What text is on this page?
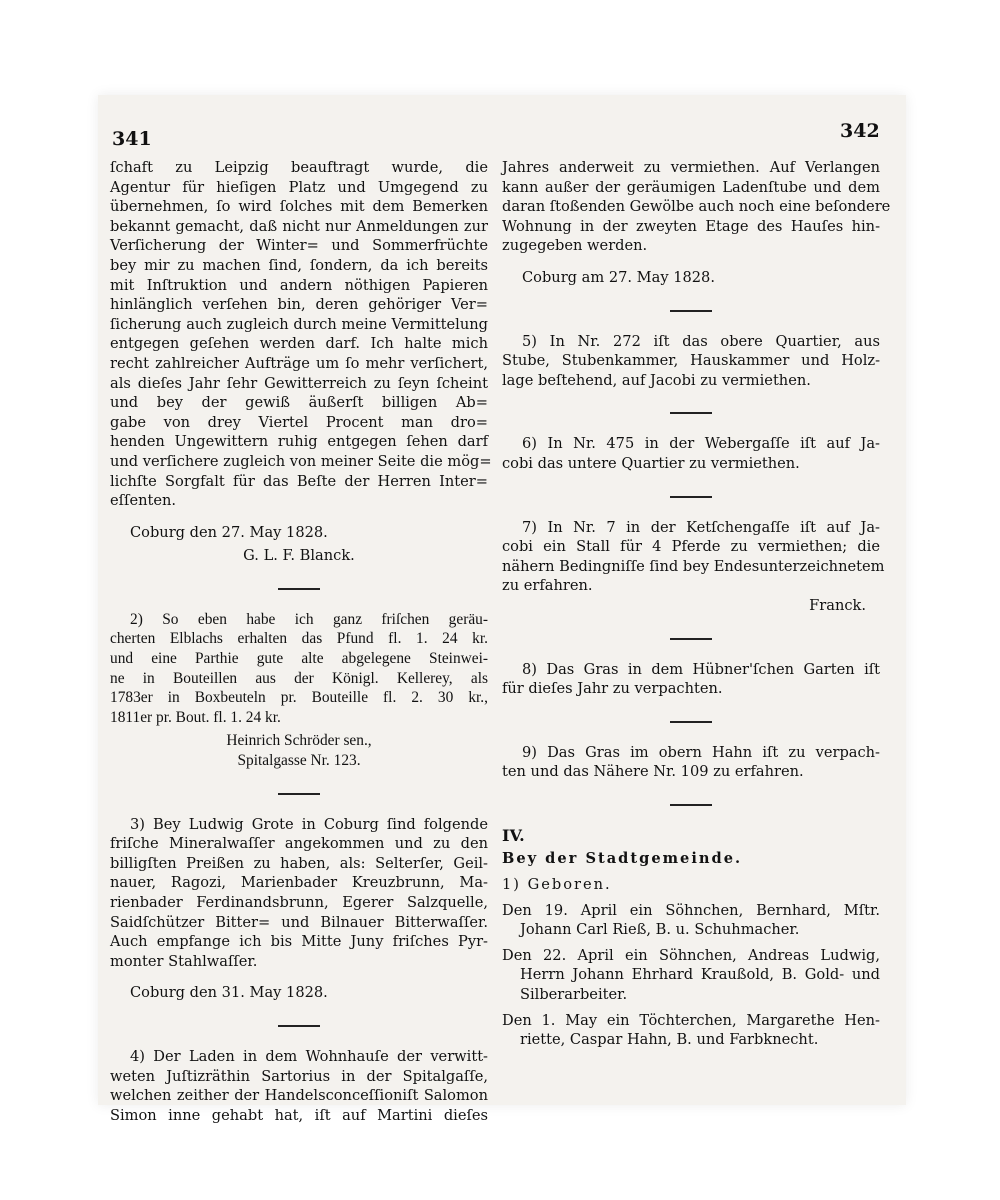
341	342

ſchaft zu Leipzig beauftragt wurde, die
Agentur für hieſigen Platz und Umgegend zu
übernehmen, ſo wird ſolches mit dem Bemerken
bekannt gemacht, daß nicht nur Anmeldungen zur
Verſicherung der Winter= und Sommerfrüchte
bey mir zu machen ſind, ſondern, da ich bereits
mit Inſtruktion und andern nöthigen Papieren
hinlänglich verſehen bin, deren gehöriger Ver=
ſicherung auch zugleich durch meine Vermittelung
entgegen geſehen werden darf. Ich halte mich
recht zahlreicher Aufträge um ſo mehr verſichert,
als dieſes Jahr ſehr Gewitterreich zu ſeyn ſcheint
und bey der gewiß äußerſt billigen Ab=
gabe von drey Viertel Procent man dro=
henden Ungewittern ruhig entgegen ſehen darf
und verſichere zugleich von meiner Seite die mög=
lichſte Sorgfalt für das Beſte der Herren Inter=
eſſenten.

Coburg den 27. May 1828.

G. L. F. Blanck.

2) So eben habe ich ganz friſchen geräu-
cherten Elblachs erhalten das Pfund fl. 1. 24 kr.
und eine Parthie gute alte abgelegene Steinwei-
ne in Bouteillen aus der Königl. Kellerey, als
1783er in Boxbeuteln pr. Bouteille fl. 2. 30 kr.,
1811er pr. Bout. fl. 1. 24 kr.

Heinrich Schröder sen.,

Spitalgasse Nr. 123.

3) Bey Ludwig Grote in Coburg ſind folgende
friſche Mineralwaſſer angekommen und zu den
billigſten Preißen zu haben, als: Selterſer, Geil-
nauer, Ragozi, Marienbader Kreuzbrunn, Ma-
rienbader Ferdinandsbrunn, Egerer Salzquelle,
Saidſchützer Bitter= und Bilnauer Bitterwaſſer.
Auch empfange ich bis Mitte Juny friſches Pyr-
monter Stahlwaſſer.

Coburg den 31. May 1828.

4) Der Laden in dem Wohnhauſe der verwitt-
weten Juſtizräthin Sartorius in der Spitalgaſſe,
welchen zeither der Handelsconceſſioniſt Salomon
Simon inne gehabt hat, iſt auf Martini dieſes

Jahres anderweit zu vermiethen. Auf Verlangen
kann außer der geräumigen Ladenſtube und dem
daran ſtoßenden Gewölbe auch noch eine beſondere
Wohnung in der zweyten Etage des Hauſes hin-
zugegeben werden.

Coburg am 27. May 1828.

5) In Nr. 272 iſt das obere Quartier, aus
Stube, Stubenkammer, Hauskammer und Holz-
lage beſtehend, auf Jacobi zu vermiethen.

6) In Nr. 475 in der Webergaſſe iſt auf Ja-
cobi das untere Quartier zu vermiethen.

7) In Nr. 7 in der Ketſchengaſſe iſt auf Ja-
cobi ein Stall für 4 Pferde zu vermiethen; die
nähern Bedingniſſe ſind bey Endesunterzeichnetem
zu erfahren.

Franck.

8) Das Gras in dem Hübner'ſchen Garten iſt
für dieſes Jahr zu verpachten.

9) Das Gras im obern Hahn iſt zu verpach-
ten und das Nähere Nr. 109 zu erfahren.

IV.

Bey der Stadtgemeinde.

1) Geboren.

Den 19. April ein Söhnchen, Bernhard, Mſtr. Johann Carl Rieß, B. u. Schuhmacher.

Den 22. April ein Söhnchen, Andreas Ludwig, Herrn Johann Ehrhard Kraußold, B. Gold- und Silberarbeiter.

Den 1. May ein Töchterchen, Margarethe Hen- riette, Caspar Hahn, B. und Farbknecht.
